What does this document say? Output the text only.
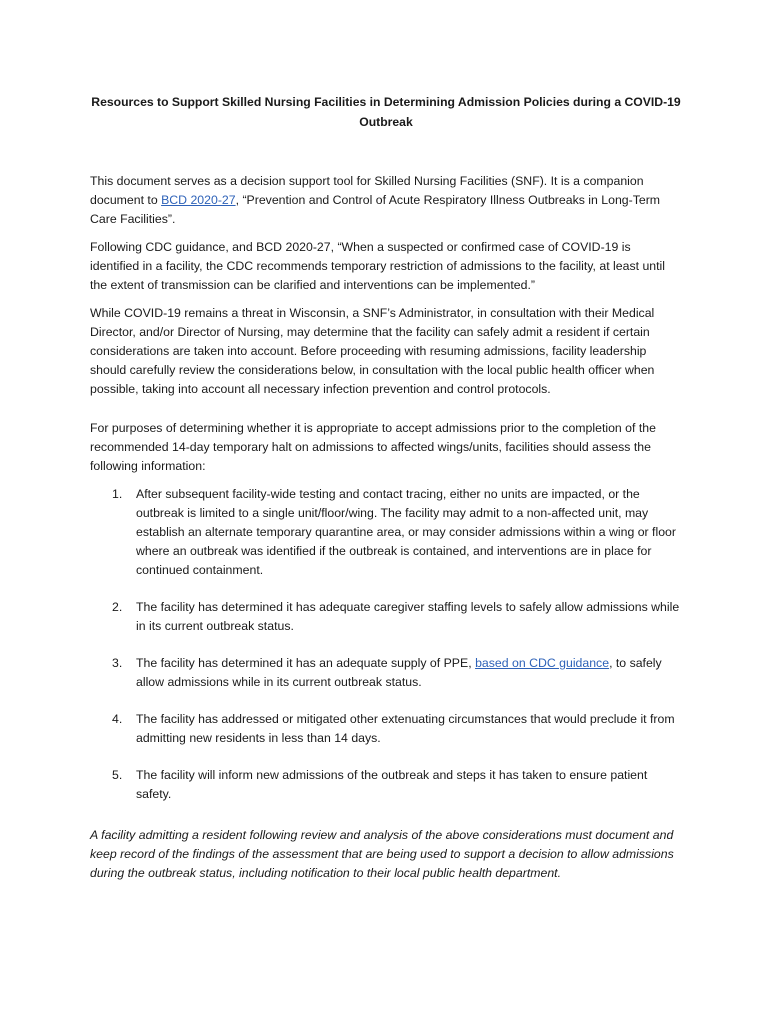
Resources to Support Skilled Nursing Facilities in Determining Admission Policies during a COVID-19 Outbreak

This document serves as a decision support tool for Skilled Nursing Facilities (SNF). It is a companion document to BCD 2020-27, “Prevention and Control of Acute Respiratory Illness Outbreaks in Long-Term Care Facilities”.

Following CDC guidance, and BCD 2020-27, “When a suspected or confirmed case of COVID-19 is identified in a facility, the CDC recommends temporary restriction of admissions to the facility, at least until the extent of transmission can be clarified and interventions can be implemented.”

While COVID-19 remains a threat in Wisconsin, a SNF’s Administrator, in consultation with their Medical Director, and/or Director of Nursing, may determine that the facility can safely admit a resident if certain considerations are taken into account. Before proceeding with resuming admissions, facility leadership should carefully review the considerations below, in consultation with the local public health officer when possible, taking into account all necessary infection prevention and control protocols.

For purposes of determining whether it is appropriate to accept admissions prior to the completion of the recommended 14-day temporary halt on admissions to affected wings/units, facilities should assess the following information:

1. After subsequent facility-wide testing and contact tracing, either no units are impacted, or the outbreak is limited to a single unit/floor/wing. The facility may admit to a non-affected unit, may establish an alternate temporary quarantine area, or may consider admissions within a wing or floor where an outbreak was identified if the outbreak is contained, and interventions are in place for continued containment.
2. The facility has determined it has adequate caregiver staffing levels to safely allow admissions while in its current outbreak status.
3. The facility has determined it has an adequate supply of PPE, based on CDC guidance, to safely allow admissions while in its current outbreak status.
4. The facility has addressed or mitigated other extenuating circumstances that would preclude it from admitting new residents in less than 14 days.
5. The facility will inform new admissions of the outbreak and steps it has taken to ensure patient safety.

A facility admitting a resident following review and analysis of the above considerations must document and keep record of the findings of the assessment that are being used to support a decision to allow admissions during the outbreak status, including notification to their local public health department.
